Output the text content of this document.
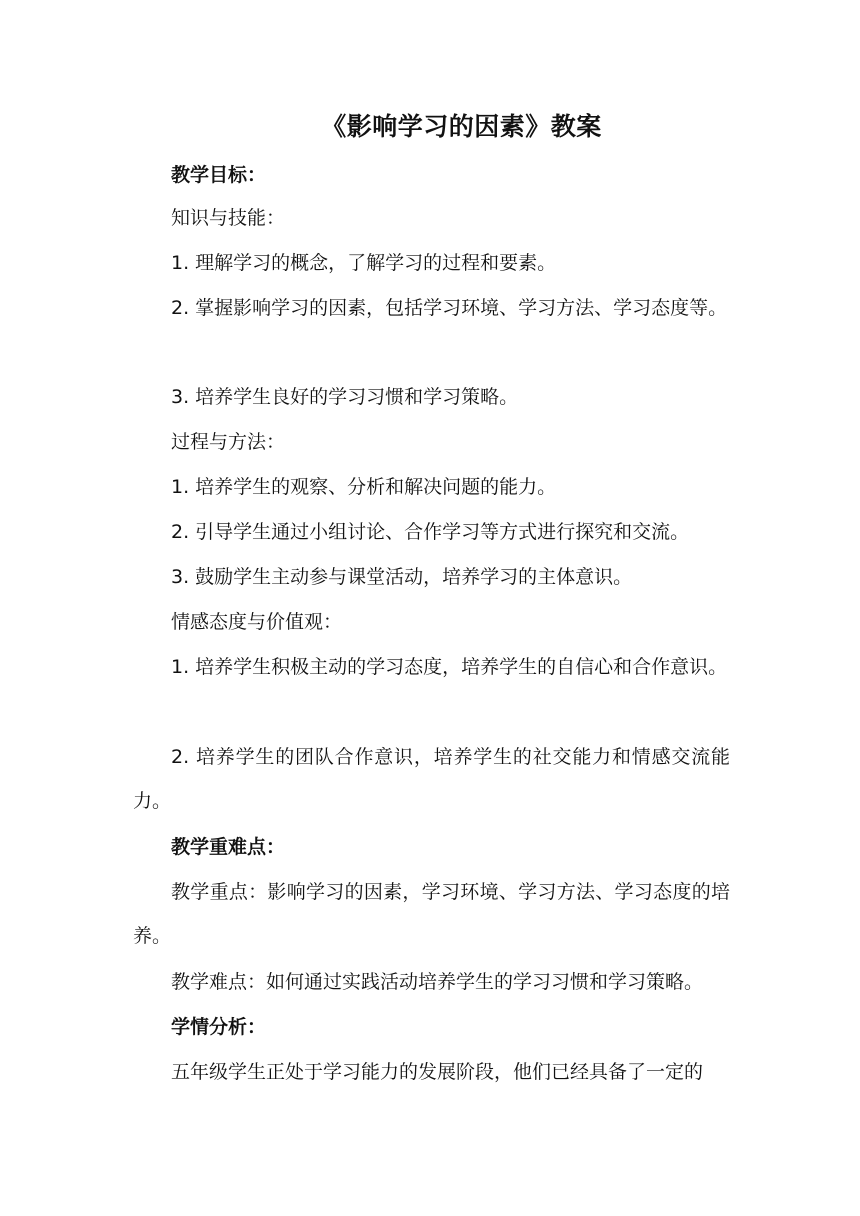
《影响学习的因素》教案
教学目标：
知识与技能：
1. 理解学习的概念，了解学习的过程和要素。
2. 掌握影响学习的因素，包括学习环境、学习方法、学习态度等。
3. 培养学生良好的学习习惯和学习策略。
过程与方法：
1. 培养学生的观察、分析和解决问题的能力。
2. 引导学生通过小组讨论、合作学习等方式进行探究和交流。
3. 鼓励学生主动参与课堂活动，培养学习的主体意识。
情感态度与价值观：
1. 培养学生积极主动的学习态度，培养学生的自信心和合作意识。
2. 培养学生的团队合作意识，培养学生的社交能力和情感交流能力。
教学重难点：
教学重点：影响学习的因素，学习环境、学习方法、学习态度的培养。
教学难点：如何通过实践活动培养学生的学习习惯和学习策略。
学情分析：
五年级学生正处于学习能力的发展阶段，他们已经具备了一定的
